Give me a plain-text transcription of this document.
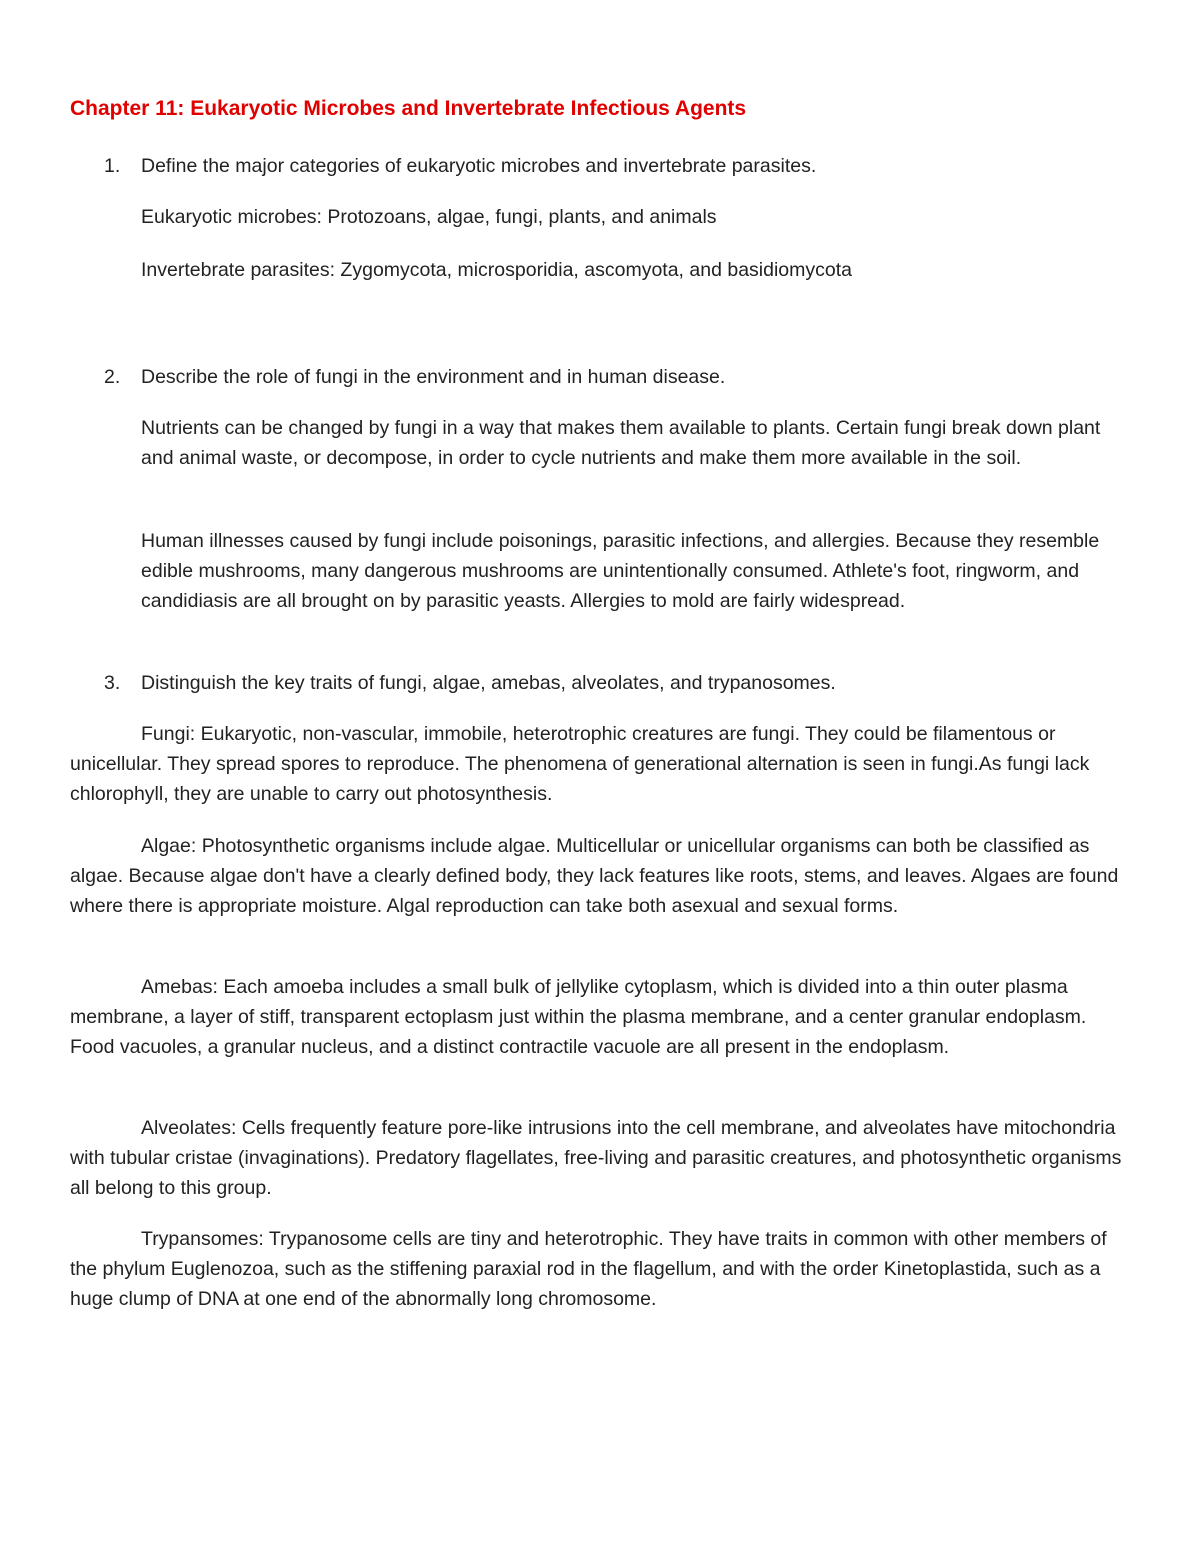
Chapter 11: Eukaryotic Microbes and Invertebrate Infectious Agents
1. Define the major categories of eukaryotic microbes and invertebrate parasites.

Eukaryotic microbes: Protozoans, algae, fungi, plants, and animals

Invertebrate parasites: Zygomycota, microsporidia, ascomyota, and basidiomycota

2. Describe the role of fungi in the environment and in human disease.

Nutrients can be changed by fungi in a way that makes them available to plants. Certain fungi break down plant and animal waste, or decompose, in order to cycle nutrients and make them more available in the soil.

Human illnesses caused by fungi include poisonings, parasitic infections, and allergies. Because they resemble edible mushrooms, many dangerous mushrooms are unintentionally consumed. Athlete's foot, ringworm, and candidiasis are all brought on by parasitic yeasts. Allergies to mold are fairly widespread.

3. Distinguish the key traits of fungi, algae, amebas, alveolates, and trypanosomes.

Fungi: Eukaryotic, non-vascular, immobile, heterotrophic creatures are fungi. They could be filamentous or unicellular. They spread spores to reproduce. The phenomena of generational alternation is seen in fungi.As fungi lack chlorophyll, they are unable to carry out photosynthesis.

Algae: Photosynthetic organisms include algae. Multicellular or unicellular organisms can both be classified as algae. Because algae don't have a clearly defined body, they lack features like roots, stems, and leaves. Algaes are found where there is appropriate moisture. Algal reproduction can take both asexual and sexual forms.

Amebas: Each amoeba includes a small bulk of jellylike cytoplasm, which is divided into a thin outer plasma membrane, a layer of stiff, transparent ectoplasm just within the plasma membrane, and a center granular endoplasm. Food vacuoles, a granular nucleus, and a distinct contractile vacuole are all present in the endoplasm.

Alveolates: Cells frequently feature pore-like intrusions into the cell membrane, and alveolates have mitochondria with tubular cristae (invaginations). Predatory flagellates, free-living and parasitic creatures, and photosynthetic organisms all belong to this group.

Trypansomes: Trypanosome cells are tiny and heterotrophic. They have traits in common with other members of the phylum Euglenozoa, such as the stiffening paraxial rod in the flagellum, and with the order Kinetoplastida, such as a huge clump of DNA at one end of the abnormally long chromosome.
